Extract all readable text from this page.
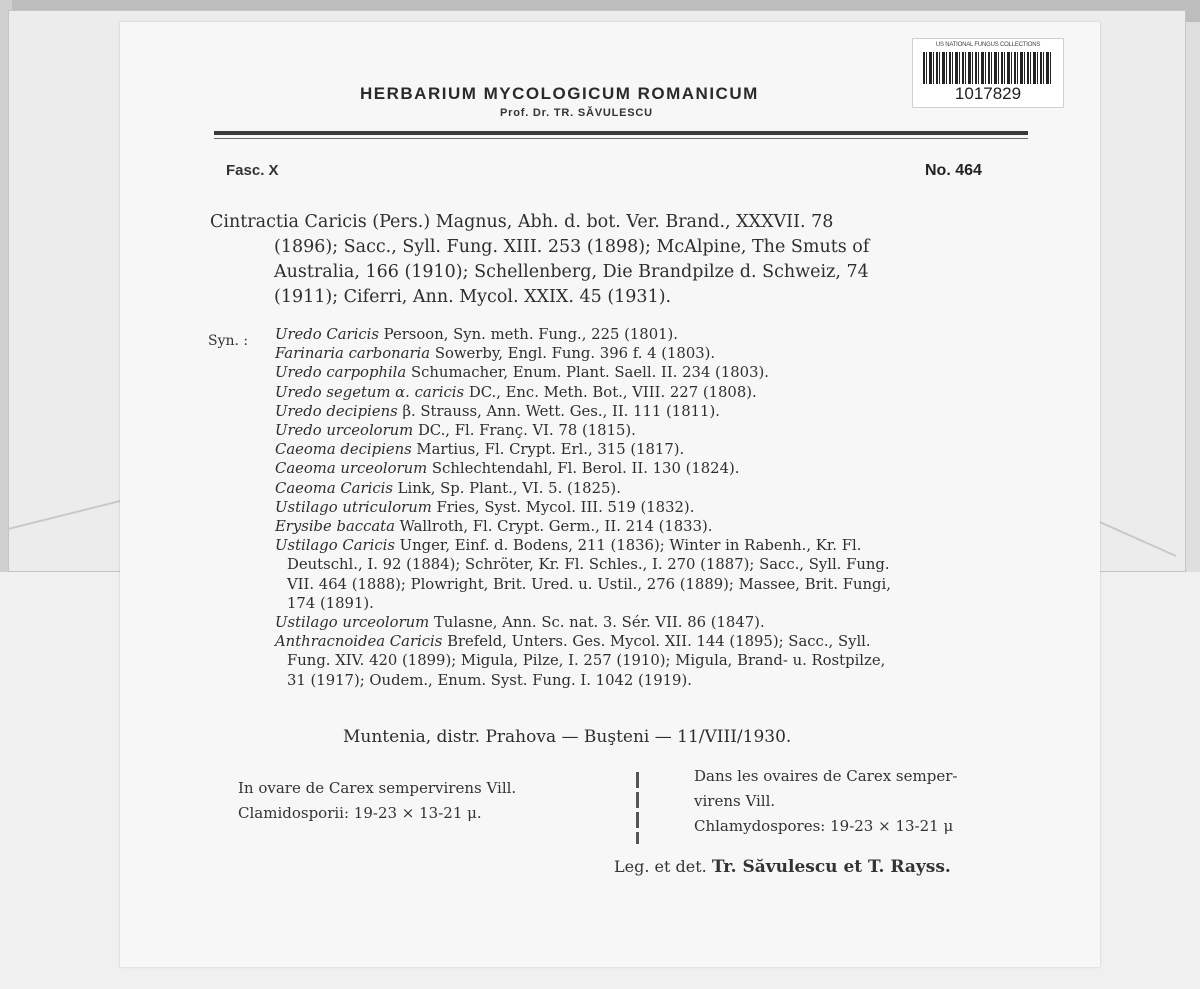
US NATIONAL FUNGUS COLLECTIONS
1017829
HERBARIUM MYCOLOGICUM ROMANICUM
Prof. Dr. TR. SĂVULESCU
Fasc. X	No. 464
Cintractia Caricis (Pers.) Magnus, Abh. d. bot. Ver. Brand., XXXVII. 78
(1896); Sacc., Syll. Fung. XIII. 253 (1898); McAlpine, The Smuts of
Australia, 166 (1910); Schellenberg, Die Brandpilze d. Schweiz, 74
(1911); Ciferri, Ann. Mycol. XXIX. 45 (1931).
Syn. : Uredo Caricis Persoon, Syn. meth. Fung., 225 (1801).
Farinaria carbonaria Sowerby, Engl. Fung. 396 f. 4 (1803).
Uredo carpophila Schumacher, Enum. Plant. Saell. II. 234 (1803).
Uredo segetum α. caricis DC., Enc. Meth. Bot., VIII. 227 (1808).
Uredo decipiens β. Strauss, Ann. Wett. Ges., II. 111 (1811).
Uredo urceolorum DC., Fl. Franç. VI. 78 (1815).
Caeoma decipiens Martius, Fl. Crypt. Erl., 315 (1817).
Caeoma urceolorum Schlechtendahl, Fl. Berol. II. 130 (1824).
Caeoma Caricis Link, Sp. Plant., VI. 5. (1825).
Ustilago utriculorum Fries, Syst. Mycol. III. 519 (1832).
Erysibe baccata Wallroth, Fl. Crypt. Germ., II. 214 (1833).
Ustilago Caricis Unger, Einf. d. Bodens, 211 (1836); Winter in Rabenh., Kr. Fl.
Deutschl., I. 92 (1884); Schröter, Kr. Fl. Schles., I. 270 (1887); Sacc., Syll. Fung.
VII. 464 (1888); Plowright, Brit. Ured. u. Ustil., 276 (1889); Massee, Brit. Fungi,
174 (1891).
Ustilago urceolorum Tulasne, Ann. Sc. nat. 3. Sér. VII. 86 (1847).
Anthracnoidea Caricis Brefeld, Unters. Ges. Mycol. XII. 144 (1895); Sacc., Syll.
Fung. XIV. 420 (1899); Migula, Pilze, I. 257 (1910); Migula, Brand- u. Rostpilze,
31 (1917); Oudem., Enum. Syst. Fung. I. 1042 (1919).
Muntenia, distr. Prahova — Buşteni — 11/VIII/1930.

In ovare de Carex sempervirens Vill.

Clamidosporii: 19-23 × 13-21 μ.

Dans les ovaires de Carex semper-

virens Vill.

Chlamydospores: 19-23 × 13-21 μ

Leg. et det. Tr. Săvulescu et T. Rayss.
